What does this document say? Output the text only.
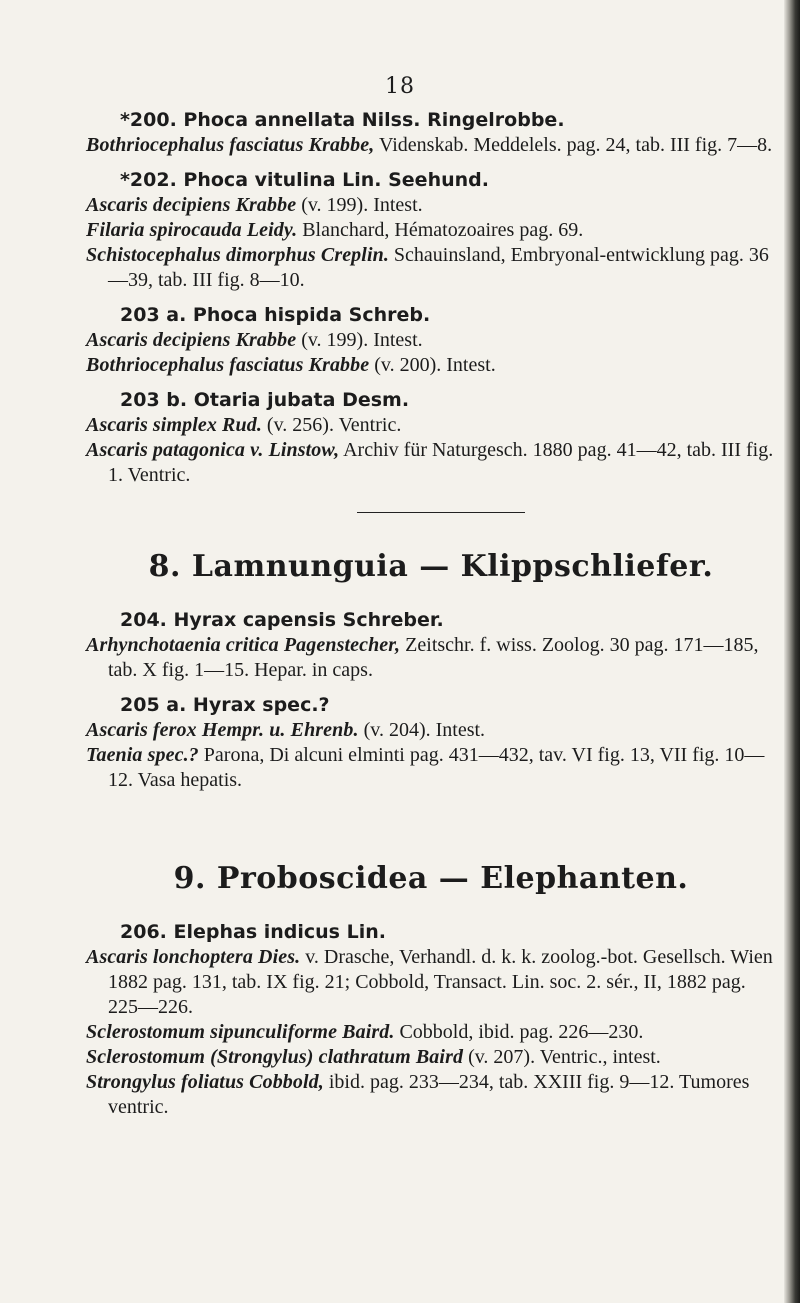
18

*200. Phoca annellata Nilss. Ringelrobbe.

Bothriocephalus fasciatus Krabbe, Videnskab. Meddelels. pag. 24, tab. III fig. 7—8.

*202. Phoca vitulina Lin. Seehund.

Ascaris decipiens Krabbe (v. 199). Intest.

Filaria spirocauda Leidy. Blanchard, Hématozoaires pag. 69.

Schistocephalus dimorphus Creplin. Schauinsland, Embryonal-entwicklung pag. 36—39, tab. III fig. 8—10.

203 a. Phoca hispida Schreb.

Ascaris decipiens Krabbe (v. 199). Intest.

Bothriocephalus fasciatus Krabbe (v. 200). Intest.

203 b. Otaria jubata Desm.

Ascaris simplex Rud. (v. 256). Ventric.

Ascaris patagonica v. Linstow, Archiv für Naturgesch. 1880 pag. 41—42, tab. III fig. 1. Ventric.

8. Lamnunguia — Klippschliefer.

204. Hyrax capensis Schreber.

Arhynchotaenia critica Pagenstecher, Zeitschr. f. wiss. Zoolog. 30 pag. 171—185, tab. X fig. 1—15. Hepar. in caps.

205 a. Hyrax spec.?

Ascaris ferox Hempr. u. Ehrenb. (v. 204). Intest.

Taenia spec.? Parona, Di alcuni elminti pag. 431—432, tav. VI fig. 13, VII fig. 10—12. Vasa hepatis.

9. Proboscidea — Elephanten.

206. Elephas indicus Lin.

Ascaris lonchoptera Dies. v. Drasche, Verhandl. d. k. k. zoolog.-bot. Gesellsch. Wien 1882 pag. 131, tab. IX fig. 21; Cobbold, Transact. Lin. soc. 2. sér., II, 1882 pag. 225—226.

Sclerostomum sipunculiforme Baird. Cobbold, ibid. pag. 226—230.

Sclerostomum (Strongylus) clathratum Baird (v. 207). Ventric., intest.

Strongylus foliatus Cobbold, ibid. pag. 233—234, tab. XXIII fig. 9—12. Tumores ventric.
